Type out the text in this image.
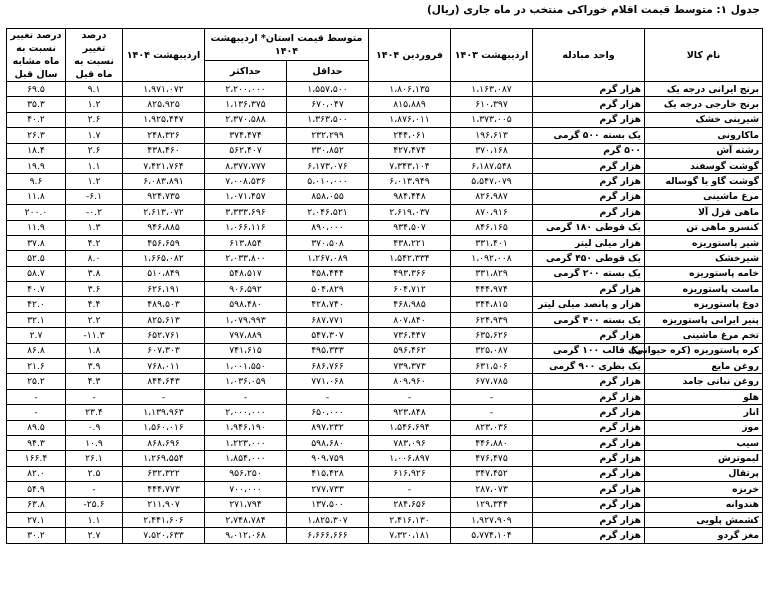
جدول ۱: متوسط قیمت اقلام خوراکی منتخب در ماه جاری (ریال)
نام کالا	واحد مبادله	اردیبهشت ۱۴۰۳	فروردین ۱۴۰۴	متوسط قیمت استان* اردیبهشت ۱۴۰۴		اردیبهشت ۱۴۰۴	درصد تغییر نسبت به ماه قبل	درصد تغییر نسبت به ماه مشابه سال قبل
				حداقل	حداکثر			
برنج ایرانی درجه یک	هزار گرم	۱،۱۶۳،۰۸۷	۱،۸۰۶،۱۳۵	۱،۵۵۷،۵۰۰	۲،۲۰۰،۰۰۰	۱،۹۷۱،۰۷۲	۹.۱	۶۹.۵
برنج خارجی درجه یک	هزار گرم	۶۱۰،۳۹۷	۸۱۵،۸۸۹	۶۷۰،۰۴۷	۱،۱۳۶،۳۷۵	۸۲۵،۹۲۵	۱.۲	۳۵.۳
شیرینی خشک	هزار گرم	۱،۳۷۳،۰۰۵	۱،۸۷۶،۰۱۱	۱،۳۶۳،۵۰۰	۲،۳۷۰،۵۸۸	۱،۹۲۵،۴۴۷	۲.۶	۴۰.۲
ماکارونی	یک بسته ۵۰۰ گرمی	۱۹۶،۶۱۳	۲۴۴،۰۶۱	۲۳۲،۲۹۹	۳۷۴،۴۷۴	۲۴۸،۳۲۶	۱.۷	۲۶.۳
رشته آش	۵۰۰ گرم	۳۷۰،۱۶۸	۴۲۷،۴۷۴	۳۳۰،۸۵۲	۵۶۲،۴۰۷	۴۳۸،۴۶۰	۲.۶	۱۸.۴
گوشت گوسفند	هزار گرم	۶،۱۸۷،۵۴۸	۷،۳۴۳،۱۰۴	۶،۱۷۳،۰۷۶	۸،۳۷۷،۷۷۷	۷،۴۲۱،۷۶۴	۱.۱	۱۹.۹
گوشت گاو یا گوساله	هزار گرم	۵،۵۴۷،۰۷۹	۶،۰۱۳،۹۴۹	۵،۰۱۰،۰۰۰	۷،۰۰۸،۵۳۶	۶،۰۸۳،۸۹۱	۱.۲	۹.۶
مرغ ماشینی	هزار گرم	۸۲۶،۹۸۷	۹۸۴،۴۴۸	۸۵۸،۰۵۵	۱،۰۷۱،۴۵۷	۹۲۴،۷۳۵	-۶.۱	۱۱.۸
ماهی قزل آلا	هزار گرم	۸۷۰،۹۱۶	۲،۶۱۹،۰۳۷	۲،۰۴۶،۵۲۱	۳،۳۳۳،۶۹۶	۲،۶۱۳،۰۷۲	-۰.۲	۲۰۰.۰
کنسرو ماهی تن	یک قوطی ۱۸۰ گرمی	۸۴۶،۱۶۵	۹۳۴،۵۰۷	۸۹۰،۰۰۰	۱،۰۶۶،۱۱۶	۹۴۶،۸۸۵	۱.۳	۱۱.۹
شیر پاستوریزه	هزار میلی لیتر	۳۳۱،۴۰۱	۴۳۸،۲۲۱	۳۷۰،۵۰۸	۶۱۳،۸۵۴	۴۵۶،۶۵۹	۴.۲	۳۷.۸
شیرخشک	یک قوطی ۴۵۰ گرمی	۱،۰۹۲،۰۰۸	۱،۵۴۲،۳۳۴	۱،۲۶۷،۰۸۹	۲،۰۳۳،۸۰۰	۱،۶۶۵،۰۸۲	۸.۰	۵۲.۵
خامه پاستوریزه	یک بسته ۲۰۰ گرمی	۳۳۱،۸۲۹	۴۹۳،۳۶۶	۴۵۸،۴۴۴	۵۴۸،۵۱۷	۵۱۰،۸۴۹	۳.۸	۵۸.۷
ماست پاستوریزه	هزار گرم	۴۴۴،۹۷۴	۶۰۴،۷۱۲	۵۰۴،۸۲۹	۹۰۶،۵۹۲	۶۲۶،۱۹۱	۳.۶	۴۰.۷
دوغ پاستوریزه	هزار و پانصد میلی لیتر	۳۴۴،۸۱۵	۴۶۸،۹۸۵	۴۲۸،۷۴۰	۵۹۸،۴۸۰	۴۸۹،۵۰۳	۴.۴	۴۲.۰
پنیر ایرانی پاستوریزه	یک بسته ۴۰۰ گرمی	۶۲۴،۹۳۹	۸۰۷،۸۴۰	۶۸۷،۷۷۱	۱،۰۷۹،۹۹۳	۸۲۵،۶۱۳	۲.۲	۳۲.۱
تخم مرغ ماشینی	هزار گرم	۶۳۵،۶۲۶	۷۳۶،۴۴۷	۵۴۷،۳۰۷	۷۹۷،۸۸۹	۶۵۲،۷۶۱	-۱۱.۳	۲.۷
کره پاستوریزه (کره حیوانی)	یک قالب ۱۰۰ گرمی	۳۲۵،۰۸۷	۵۹۶،۴۶۲	۴۹۵،۳۳۳	۷۴۱،۶۱۵	۶۰۷،۳۰۳	۱.۸	۸۶.۸
روغن مایع	یک بطری ۹۰۰ گرمی	۶۳۱،۵۰۶	۷۳۹،۳۷۳	۶۸۶،۷۶۶	۱،۰۰۱،۵۵۰	۷۶۸،۰۱۱	۳.۹	۲۱.۶
روغن نباتی جامد	هزار گرم	۶۷۷،۷۸۵	۸۰۹،۹۶۰	۷۷۱،۰۶۸	۱،۰۳۶،۰۵۹	۸۴۴،۶۴۳	۴.۳	۲۵.۲
هلو	هزار گرم	-	-	-	-	-	-	-
انار	هزار گرم	-	۹۲۳،۸۴۸	۶۵۰،۰۰۰	۲،۰۰۰،۰۰۰	۱،۱۳۹،۹۶۳	۲۳.۴	-
موز	هزار گرم	۸۲۳،۰۳۶	۱،۵۴۶،۶۹۴	۸۹۷،۲۳۲	۱،۹۴۶،۱۹۰	۱،۵۶۰،۰۱۶	۰.۹	۸۹.۵
سیب	هزار گرم	۴۴۶،۸۸۰	۷۸۳،۰۹۶	۵۹۸،۶۸۰	۱،۲۲۳،۰۰۰	۸۶۸،۶۹۶	۱۰.۹	۹۴.۳
لیموترش	هزار گرم	۴۷۶،۴۷۵	۱،۰۰۶،۸۹۷	۹۰۹،۷۵۹	۱،۸۵۴،۰۰۰	۱،۲۶۹،۵۵۴	۲۶.۱	۱۶۶.۴
پرتقال	هزار گرم	۳۴۷،۴۵۲	۶۱۶،۹۲۶	۴۱۵،۴۲۸	۹۵۶،۲۵۰	۶۳۲،۳۲۲	۲.۵	۸۲.۰
خربزه	هزار گرم	۲۸۷،۰۷۳	-	۲۷۷،۷۳۳	۷۰۰،۰۰۰	۴۴۴،۷۷۳	-	۵۴.۹
هندوانه	هزار گرم	۱۲۹،۳۴۴	۲۸۴،۶۵۶	۱۳۷،۵۰۰	۲۷۱،۷۹۴	۲۱۱،۹۰۷	-۲۵.۶	۶۳.۸
کشمش پلویی	هزار گرم	۱،۹۲۷،۹۰۹	۲،۴۱۶،۱۳۰	۱،۸۲۵،۳۰۷	۲،۷۴۸،۷۸۴	۲،۴۴۱،۶۰۶	۱.۱	۲۷.۱
مغز گردو	هزار گرم	۵،۷۷۴،۱۰۴	۷،۳۲۰،۱۸۱	۶،۶۶۶،۶۶۶	۹،۰۱۲،۰۶۸	۷،۵۲۰،۶۳۳	۲.۷	۳۰.۲
